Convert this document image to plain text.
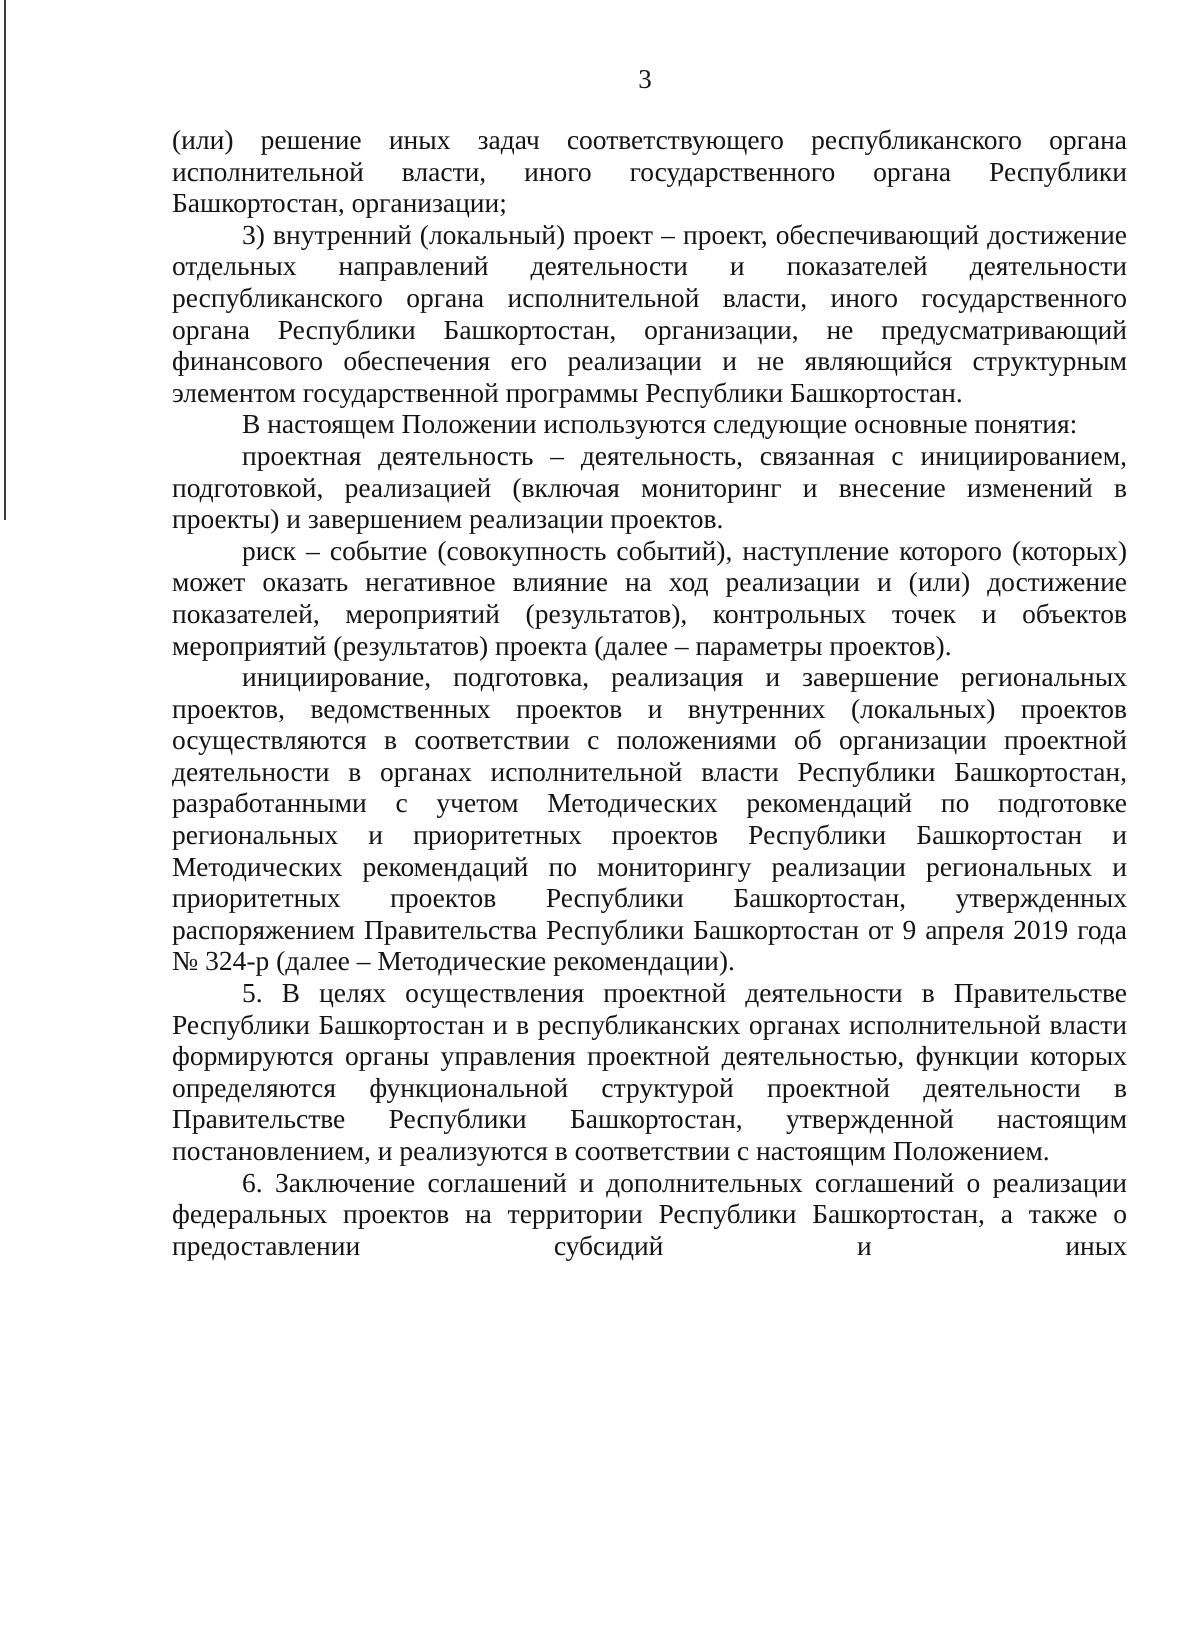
3

(или) решение иных задач соответствующего республиканского органа исполнительной власти, иного государственного органа Республики Башкортостан, организации;

3) внутренний (локальный) проект – проект, обеспечивающий достижение отдельных направлений деятельности и показателей деятельности республиканского органа исполнительной власти, иного государственного органа Республики Башкортостан, организации, не предусматривающий финансового обеспечения его реализации и не являющийся структурным элементом государственной программы Республики Башкортостан.

В настоящем Положении используются следующие основные понятия:

проектная деятельность – деятельность, связанная с инициированием, подготовкой, реализацией (включая мониторинг и внесение изменений в проекты) и завершением реализации проектов.

риск – событие (совокупность событий), наступление которого (которых) может оказать негативное влияние на ход реализации и (или) достижение показателей, мероприятий (результатов), контрольных точек и объектов мероприятий (результатов) проекта (далее – параметры проектов).

инициирование, подготовка, реализация и завершение региональных проектов, ведомственных проектов и внутренних (локальных) проектов осуществляются в соответствии с положениями об организации проектной деятельности в органах исполнительной власти Республики Башкортостан, разработанными с учетом Методических рекомендаций по подготовке региональных и приоритетных проектов Республики Башкортостан и Методических рекомендаций по мониторингу реализации региональных и приоритетных проектов Республики Башкортостан, утвержденных распоряжением Правительства Республики Башкортостан от 9 апреля 2019 года № 324-р (далее – Методические рекомендации).

5. В целях осуществления проектной деятельности в Правительстве Республики Башкортостан и в республиканских органах исполнительной власти формируются органы управления проектной деятельностью, функции которых определяются функциональной структурой проектной деятельности в Правительстве Республики Башкортостан, утвержденной настоящим постановлением, и реализуются в соответствии с настоящим Положением.

6. Заключение соглашений и дополнительных соглашений о реализации федеральных проектов на территории Республики Башкортостан, а также о предоставлении субсидий и иных
